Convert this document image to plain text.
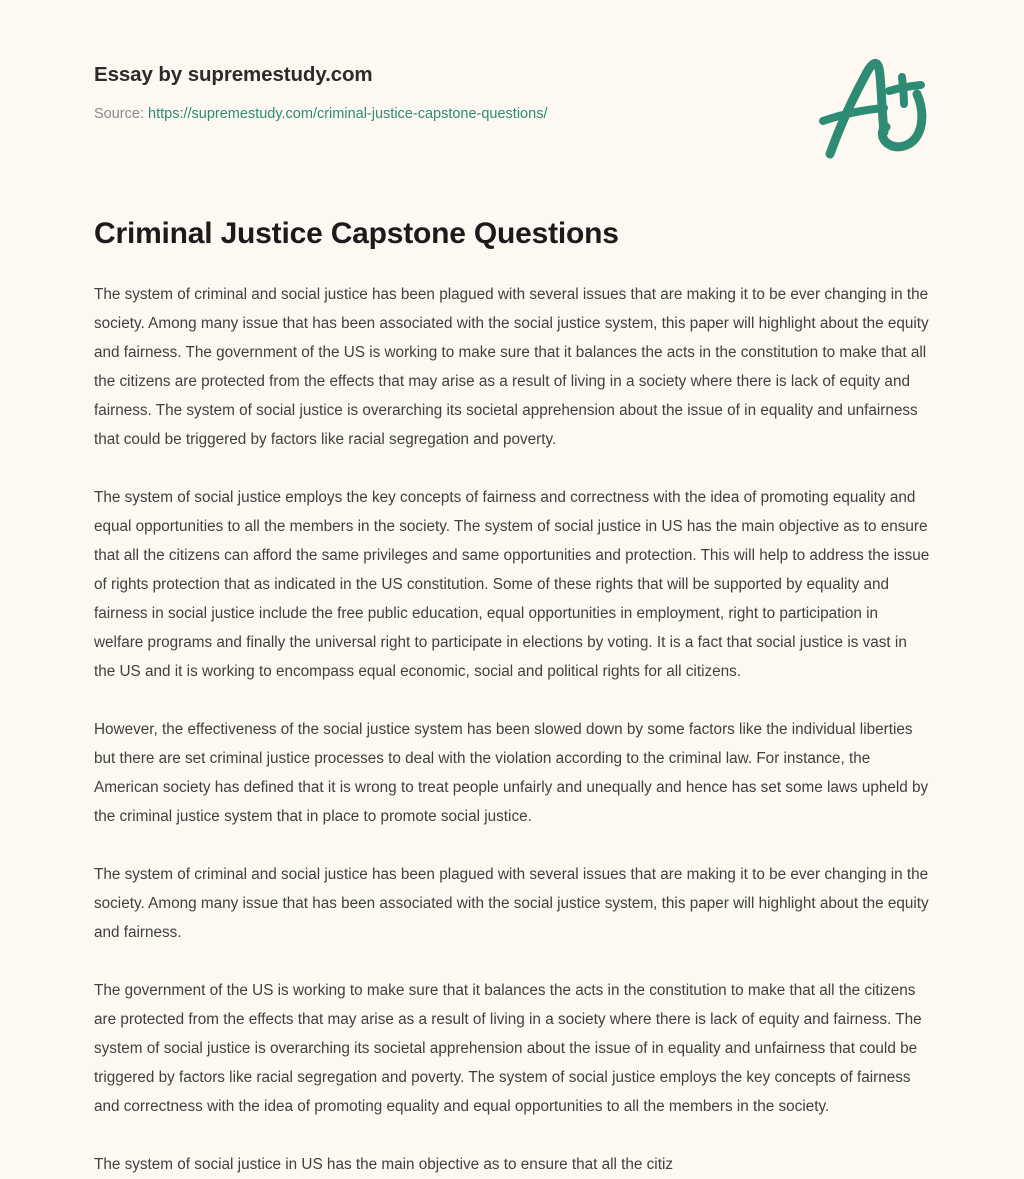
Essay by supremestudy.com
Source: https://supremestudy.com/criminal-justice-capstone-questions/
Criminal Justice Capstone Questions

The system of criminal and social justice has been plagued with several issues that are making it to be ever changing in the society. Among many issue that has been associated with the social justice system, this paper will highlight about the equity and fairness. The government of the US is working to make sure that it balances the acts in the constitution to make that all the citizens are protected from the effects that may arise as a result of living in a society where there is lack of equity and fairness. The system of social justice is overarching its societal apprehension about the issue of in equality and unfairness that could be triggered by factors like racial segregation and poverty.

The system of social justice employs the key concepts of fairness and correctness with the idea of promoting equality and equal opportunities to all the members in the society. The system of social justice in US has the main objective as to ensure that all the citizens can afford the same privileges and same opportunities and protection. This will help to address the issue of rights protection that as indicated in the US constitution. Some of these rights that will be supported by equality and fairness in social justice include the free public education, equal opportunities in employment, right to participation in welfare programs and finally the universal right to participate in elections by voting. It is a fact that social justice is vast in the US and it is working to encompass equal economic, social and political rights for all citizens.

However, the effectiveness of the social justice system has been slowed down by some factors like the individual liberties but there are set criminal justice processes to deal with the violation according to the criminal law. For instance, the American society has defined that it is wrong to treat people unfairly and unequally and hence has set some laws upheld by the criminal justice system that in place to promote social justice.

The system of criminal and social justice has been plagued with several issues that are making it to be ever changing in the society. Among many issue that has been associated with the social justice system, this paper will highlight about the equity and fairness.

The government of the US is working to make sure that it balances the acts in the constitution to make that all the citizens are protected from the effects that may arise as a result of living in a society where there is lack of equity and fairness. The system of social justice is overarching its societal apprehension about the issue of in equality and unfairness that could be triggered by factors like racial segregation and poverty. The system of social justice employs the key concepts of fairness and correctness with the idea of promoting equality and equal opportunities to all the members in the society.

The system of social justice in US has the main objective as to ensure that all the citiz
